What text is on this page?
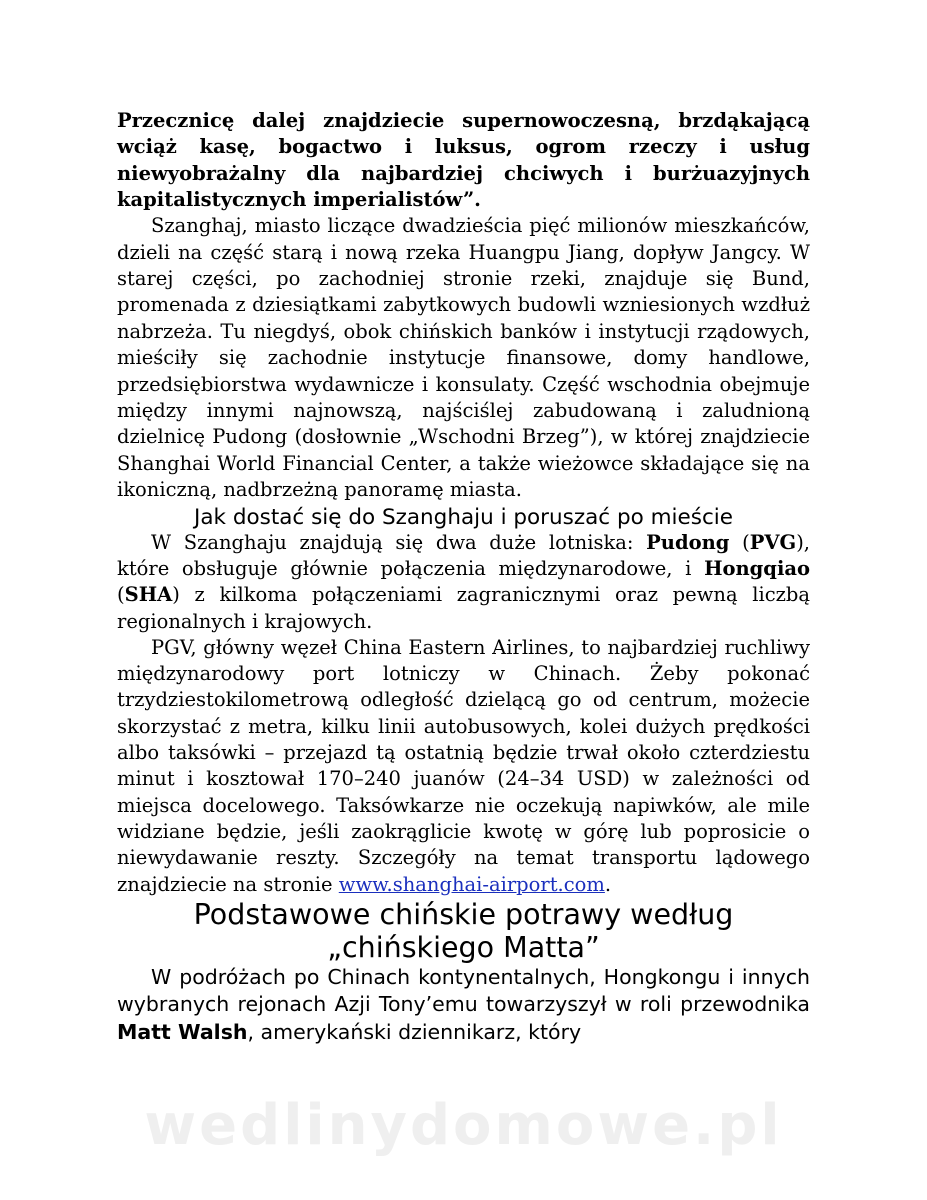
Przecznicę dalej znajdziecie supernowoczesną, brzdąkającą wciąż kasę, bogactwo i luksus, ogrom rzeczy i usług niewyobrażalny dla najbardziej chciwych i burżuazyjnych kapitalistycznych imperialistów”.

Szanghaj, miasto liczące dwadzieścia pięć milionów mieszkańców, dzieli na część starą i nową rzeka Huangpu Jiang, dopływ Jangcy. W starej części, po zachodniej stronie rzeki, znajduje się Bund, promenada z dziesiątkami zabytkowych budowli wzniesionych wzdłuż nabrzeża. Tu niegdyś, obok chińskich banków i instytucji rządowych, mieściły się zachodnie instytucje finansowe, domy handlowe, przedsiębiorstwa wydawnicze i konsulaty. Część wschodnia obejmuje między innymi najnowszą, najściślej zabudowaną i zaludnioną dzielnicę Pudong (dosłownie „Wschodni Brzeg”), w której znajdziecie Shanghai World Financial Center, a także wieżowce składające się na ikoniczną, nadbrzeżną panoramę miasta.

Jak dostać się do Szanghaju i poruszać po mieście

W Szanghaju znajdują się dwa duże lotniska: Pudong (PVG), które obsługuje głównie połączenia międzynarodowe, i Hongqiao (SHA) z kilkoma połączeniami zagranicznymi oraz pewną liczbą regionalnych i krajowych.

PGV, główny węzeł China Eastern Airlines, to najbardziej ruchliwy międzynarodowy port lotniczy w Chinach. Żeby pokonać trzydziestokilometrową odległość dzielącą go od centrum, możecie skorzystać z metra, kilku linii autobusowych, kolei dużych prędkości albo taksówki – przejazd tą ostatnią będzie trwał około czterdziestu minut i kosztował 170–240 juanów (24–34 USD) w zależności od miejsca docelowego. Taksówkarze nie oczekują napiwków, ale mile widziane będzie, jeśli zaokrąglicie kwotę w górę lub poprosicie o niewydawanie reszty. Szczegóły na temat transportu lądowego znajdziecie na stronie www.shanghai-airport.com.

Podstawowe chińskie potrawy według
„chińskiego Matta”

W podróżach po Chinach kontynentalnych, Hongkongu i innych wybranych rejonach Azji Tony’emu towarzyszył w roli przewodnika Matt Walsh, amerykański dziennikarz, który

wedlinydomowe.pl
